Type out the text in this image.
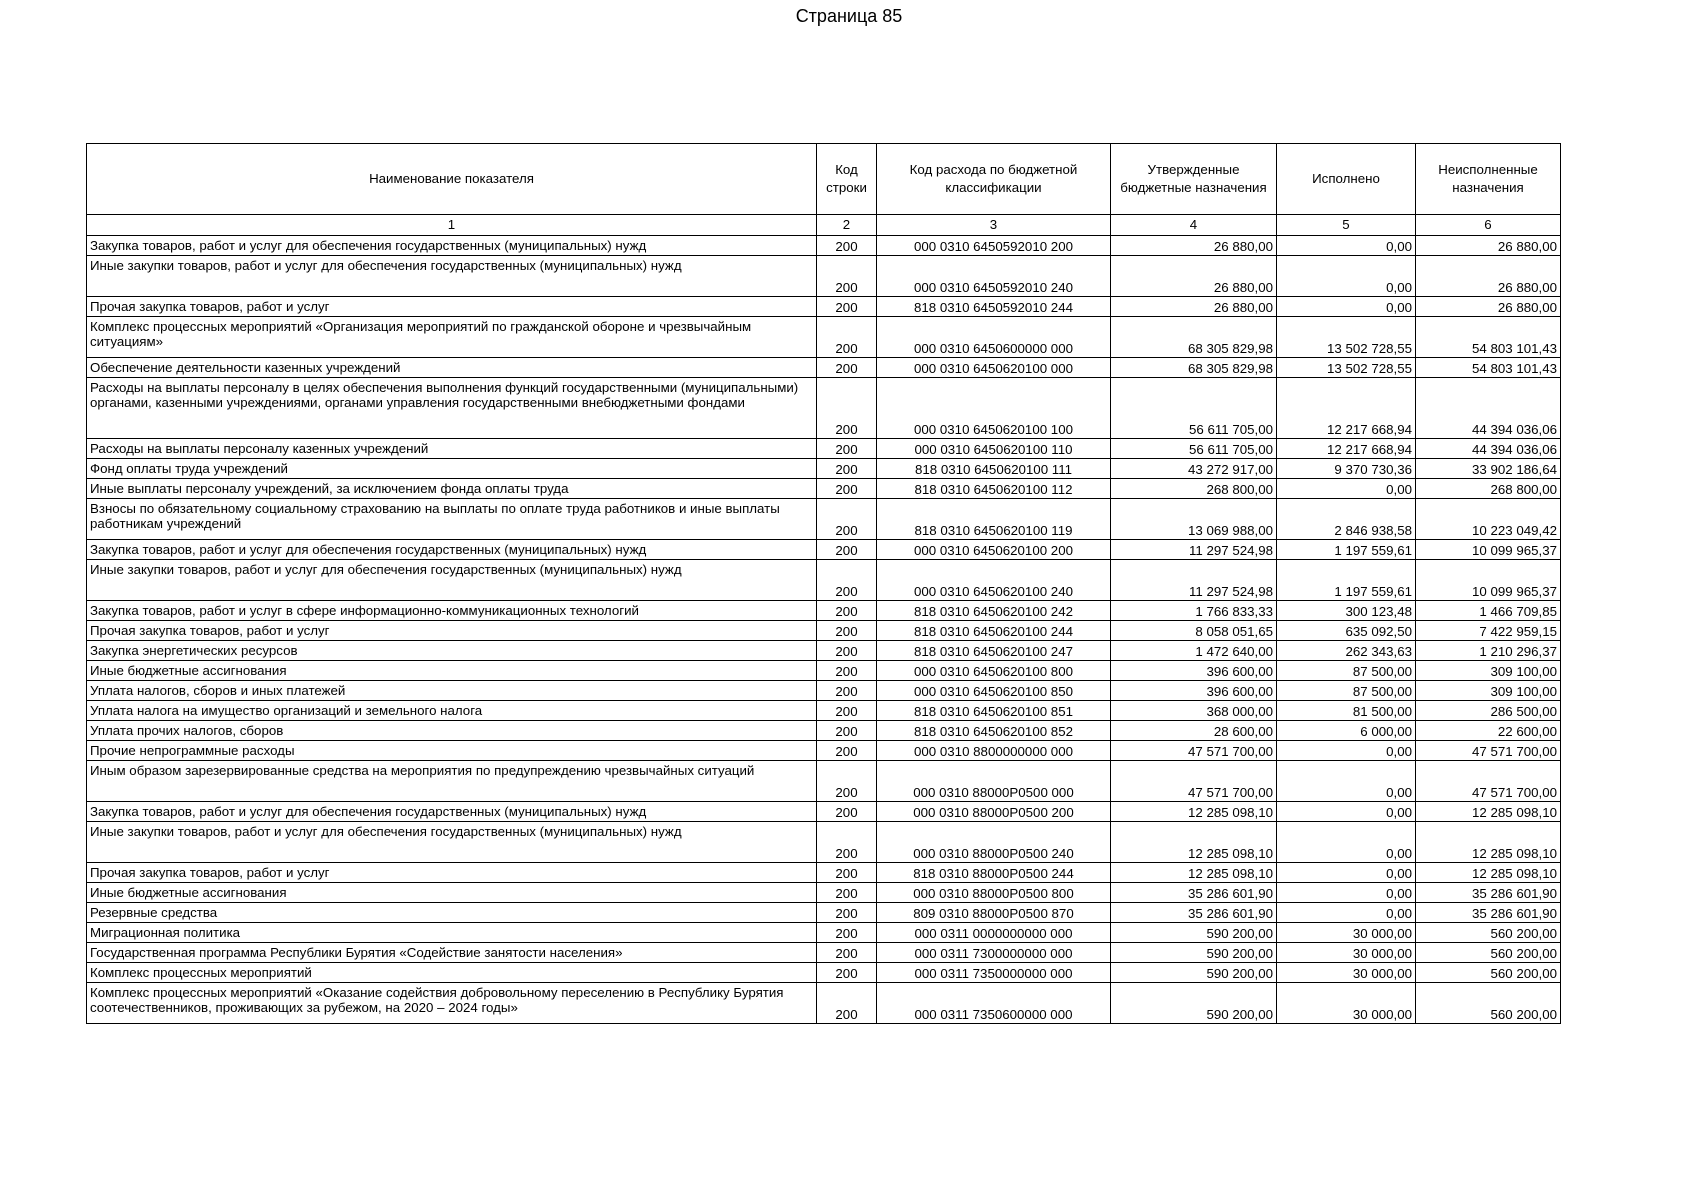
Страница 85
Наименование показателя	Код строки	Код расхода по бюджетной классификации	Утвержденные бюджетные назначения	Исполнено	Неисполненные назначения
1	2	3	4	5	6
Закупка товаров, работ и услуг для обеспечения государственных (муниципальных) нужд	200	000 0310 6450592010 200	26 880,00	0,00	26 880,00
Иные закупки товаров, работ и услуг для обеспечения государственных (муниципальных) нужд	200	000 0310 6450592010 240	26 880,00	0,00	26 880,00
Прочая закупка товаров, работ и услуг	200	818 0310 6450592010 244	26 880,00	0,00	26 880,00
Комплекс процессных мероприятий «Организация мероприятий по гражданской обороне и чрезвычайным ситуациям»	200	000 0310 6450600000 000	68 305 829,98	13 502 728,55	54 803 101,43
Обеспечение деятельности казенных учреждений	200	000 0310 6450620100 000	68 305 829,98	13 502 728,55	54 803 101,43
Расходы на выплаты персоналу в целях обеспечения выполнения функций государственными (муниципальными) органами, казенными учреждениями, органами управления государственными внебюджетными фондами	200	000 0310 6450620100 100	56 611 705,00	12 217 668,94	44 394 036,06
Расходы на выплаты персоналу казенных учреждений	200	000 0310 6450620100 110	56 611 705,00	12 217 668,94	44 394 036,06
Фонд оплаты труда учреждений	200	818 0310 6450620100 111	43 272 917,00	9 370 730,36	33 902 186,64
Иные выплаты персоналу учреждений, за исключением фонда оплаты труда	200	818 0310 6450620100 112	268 800,00	0,00	268 800,00
Взносы по обязательному социальному страхованию на выплаты по оплате труда работников и иные выплаты работникам учреждений	200	818 0310 6450620100 119	13 069 988,00	2 846 938,58	10 223 049,42
Закупка товаров, работ и услуг для обеспечения государственных (муниципальных) нужд	200	000 0310 6450620100 200	11 297 524,98	1 197 559,61	10 099 965,37
Иные закупки товаров, работ и услуг для обеспечения государственных (муниципальных) нужд	200	000 0310 6450620100 240	11 297 524,98	1 197 559,61	10 099 965,37
Закупка товаров, работ и услуг в сфере информационно-коммуникационных технологий	200	818 0310 6450620100 242	1 766 833,33	300 123,48	1 466 709,85
Прочая закупка товаров, работ и услуг	200	818 0310 6450620100 244	8 058 051,65	635 092,50	7 422 959,15
Закупка энергетических ресурсов	200	818 0310 6450620100 247	1 472 640,00	262 343,63	1 210 296,37
Иные бюджетные ассигнования	200	000 0310 6450620100 800	396 600,00	87 500,00	309 100,00
Уплата налогов, сборов и иных платежей	200	000 0310 6450620100 850	396 600,00	87 500,00	309 100,00
Уплата налога на имущество организаций и земельного налога	200	818 0310 6450620100 851	368 000,00	81 500,00	286 500,00
Уплата прочих налогов, сборов	200	818 0310 6450620100 852	28 600,00	6 000,00	22 600,00
Прочие непрограммные расходы	200	000 0310 8800000000 000	47 571 700,00	0,00	47 571 700,00
Иным образом зарезервированные средства на мероприятия по предупреждению чрезвычайных ситуаций	200	000 0310 88000P0500 000	47 571 700,00	0,00	47 571 700,00
Закупка товаров, работ и услуг для обеспечения государственных (муниципальных) нужд	200	000 0310 88000P0500 200	12 285 098,10	0,00	12 285 098,10
Иные закупки товаров, работ и услуг для обеспечения государственных (муниципальных) нужд	200	000 0310 88000P0500 240	12 285 098,10	0,00	12 285 098,10
Прочая закупка товаров, работ и услуг	200	818 0310 88000P0500 244	12 285 098,10	0,00	12 285 098,10
Иные бюджетные ассигнования	200	000 0310 88000P0500 800	35 286 601,90	0,00	35 286 601,90
Резервные средства	200	809 0310 88000P0500 870	35 286 601,90	0,00	35 286 601,90
Миграционная политика	200	000 0311 0000000000 000	590 200,00	30 000,00	560 200,00
Государственная программа Республики Бурятия «Содействие занятости населения»	200	000 0311 7300000000 000	590 200,00	30 000,00	560 200,00
Комплекс процессных мероприятий	200	000 0311 7350000000 000	590 200,00	30 000,00	560 200,00
Комплекс процессных мероприятий «Оказание содействия добровольному переселению в Республику Бурятия соотечественников, проживающих за рубежом, на 2020 – 2024 годы»	200	000 0311 7350600000 000	590 200,00	30 000,00	560 200,00
